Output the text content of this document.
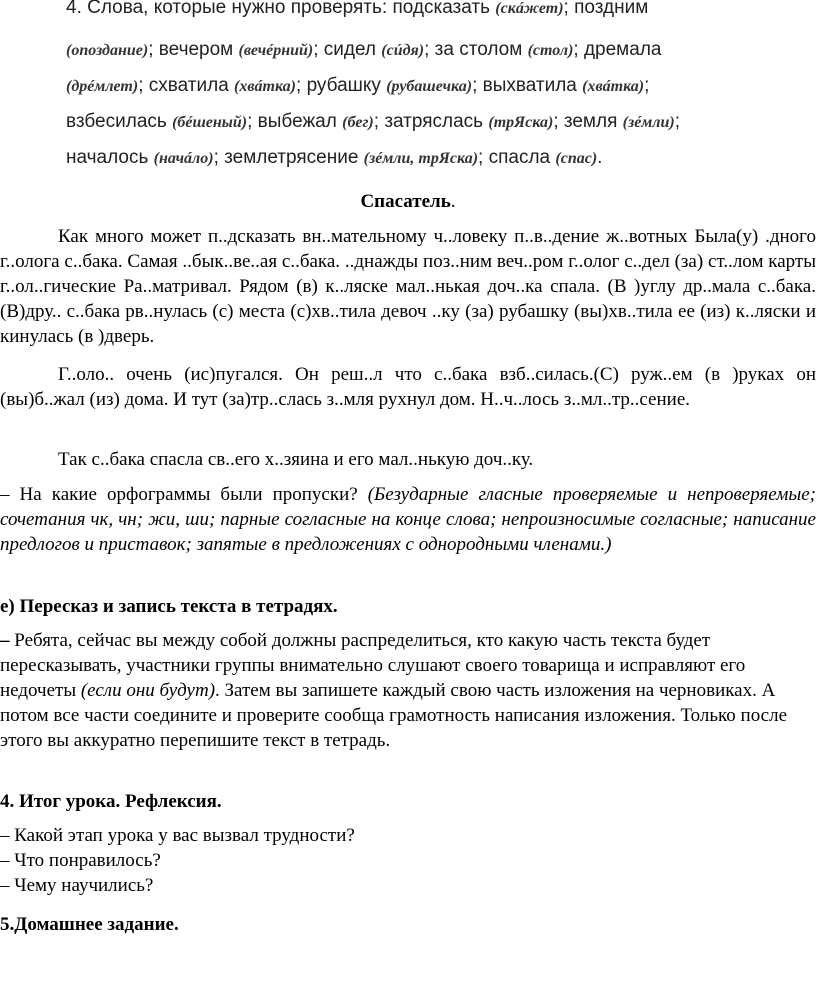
4. Слова, которые нужно проверять: подсказать (скáжет); поздним
(опоздание); вечером (вечéрний); сидел (сúдя); за столом (стол); дремала
(дрéмлет); схватила (хвáтка); рубашку (рубашечка); выхватила (хвáтка);
взбесилась (бéшеный); выбежал (бег); затряслась (трЯска); земля (зéмли);
началось (начáло); землетрясение (зéмли, трЯска); спасла (спас).
Спасатель.
Как много может п..дсказать вн..мательному ч..ловеку п..в..дение ж..вотных Была(у) .дного г..олога с..бака. Самая ..бык..ве..ая с..бака. ..днажды поз..ним веч..ром г..олог с..дел (за) ст..лом карты г..ол..гические Ра..матривал. Рядом (в) к..ляске мал..нькая доч..ка спала. (В )углу др..мала с..бака.(В)дру.. с..бака рв..нулась (с) места (с)хв..тила девоч ..ку (за) рубашку (вы)хв..тила ее (из) к..ляски и кинулась (в )дверь.
Г..оло.. очень (ис)пугался. Он реш..л что с..бака взб..силась.(С) руж..ем (в )руках он (вы)б..жал (из) дома. И тут (за)тр..слась з..мля рухнул дом. Н..ч..лось з..мл..тр..сение.
Так с..бака спасла св..его х..зяина и его мал..нькую доч..ку.
– На какие орфограммы были пропуски? (Безударные гласные проверяемые и непроверяемые; сочетания чк, чн; жи, ши; парные согласные на конце слова; непроизносимые согласные; написание предлогов и приставок; запятые в предложениях с однородными членами.)
е) Пересказ и запись текста в тетрадях.
– Ребята, сейчас вы между собой должны распределиться, кто какую часть текста будет пересказывать, участники группы внимательно слушают своего товарища и исправляют его недочеты (если они будут). Затем вы запишете каждый свою часть изложения на черновиках. А потом все части соедините и проверите сообща грамотность написания изложения. Только после этого вы аккуратно перепишите текст в тетрадь.
4. Итог урока. Рефлексия.
– Какой этап урока у вас вызвал трудности?
– Что понравилось?
– Чему научились?
5.Домашнее задание.
